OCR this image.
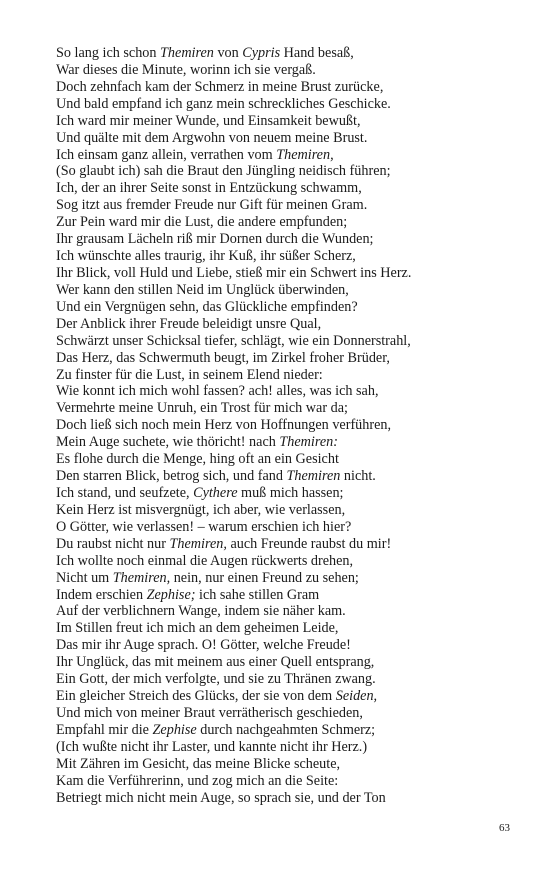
So lang ich schon Themiren von Cypris Hand besaß,
War dieses die Minute, worinn ich sie vergaß.
Doch zehnfach kam der Schmerz in meine Brust zurücke,
Und bald empfand ich ganz mein schreckliches Geschicke.
Ich ward mir meiner Wunde, und Einsamkeit bewußt,
Und quälte mit dem Argwohn von neuem meine Brust.
Ich einsam ganz allein, verrathen vom Themiren,
(So glaubt ich) sah die Braut den Jüngling neidisch führen;
Ich, der an ihrer Seite sonst in Entzückung schwamm,
Sog itzt aus fremder Freude nur Gift für meinen Gram.
Zur Pein ward mir die Lust, die andere empfunden;
Ihr grausam Lächeln riß mir Dornen durch die Wunden;
Ich wünschte alles traurig, ihr Kuß, ihr süßer Scherz,
Ihr Blick, voll Huld und Liebe, stieß mir ein Schwert ins Herz.
Wer kann den stillen Neid im Unglück überwinden,
Und ein Vergnügen sehn, das Glückliche empfinden?
Der Anblick ihrer Freude beleidigt unsre Qual,
Schwärzt unser Schicksal tiefer, schlägt, wie ein Donnerstrahl,
Das Herz, das Schwermuth beugt, im Zirkel froher Brüder,
Zu finster für die Lust, in seinem Elend nieder:
Wie konnt ich mich wohl fassen? ach! alles, was ich sah,
Vermehrte meine Unruh, ein Trost für mich war da;
Doch ließ sich noch mein Herz von Hoffnungen verführen,
Mein Auge suchete, wie thöricht! nach Themiren:
Es flohe durch die Menge, hing oft an ein Gesicht
Den starren Blick, betrog sich, und fand Themiren nicht.
Ich stand, und seufzete, Cythere muß mich hassen;
Kein Herz ist misvergnügt, ich aber, wie verlassen,
O Götter, wie verlassen! – warum erschien ich hier?
Du raubst nicht nur Themiren, auch Freunde raubst du mir!
Ich wollte noch einmal die Augen rückwerts drehen,
Nicht um Themiren, nein, nur einen Freund zu sehen;
Indem erschien Zephise; ich sahe stillen Gram
Auf der verblichnern Wange, indem sie näher kam.
Im Stillen freut ich mich an dem geheimen Leide,
Das mir ihr Auge sprach. O! Götter, welche Freude!
Ihr Unglück, das mit meinem aus einer Quell entsprang,
Ein Gott, der mich verfolgte, und sie zu Thränen zwang.
Ein gleicher Streich des Glücks, der sie von dem Seiden,
Und mich von meiner Braut verrätherisch geschieden,
Empfahl mir die Zephise durch nachgeahmten Schmerz;
(Ich wußte nicht ihr Laster, und kannte nicht ihr Herz.)
Mit Zähren im Gesicht, das meine Blicke scheute,
Kam die Verführerinn, und zog mich an die Seite:
Betriegt mich nicht mein Auge, so sprach sie, und der Ton
63
